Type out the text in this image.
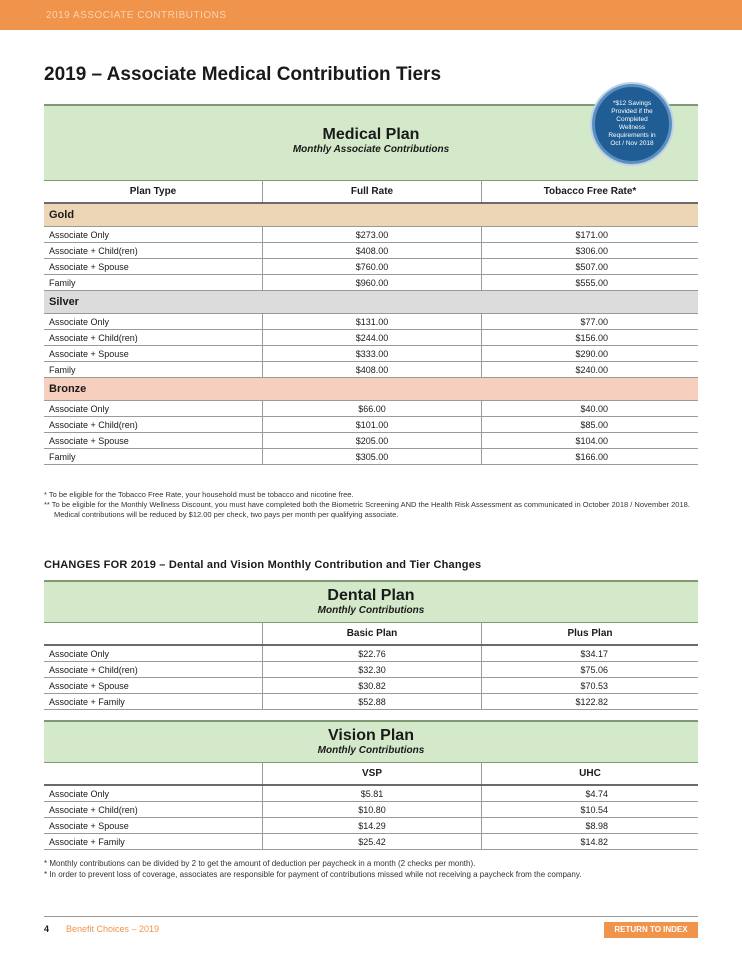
2019 ASSOCIATE CONTRIBUTIONS
2019 – Associate Medical Contribution Tiers
Medical Plan
Monthly Associate Contributions
*$12 Savings Provided if the Completed Wellness Requirements in Oct / Nov 2018
Plan Type	Full Rate	Tobacco Free Rate*
Gold		
Associate Only	$273.00	$171.00
Associate + Child(ren)	$408.00	$306.00
Associate + Spouse	$760.00	$507.00
Family	$960.00	$555.00
Silver		
Associate Only	$131.00	$77.00
Associate + Child(ren)	$244.00	$156.00
Associate + Spouse	$333.00	$290.00
Family	$408.00	$240.00
Bronze		
Associate Only	$66.00	$40.00
Associate + Child(ren)	$101.00	$85.00
Associate + Spouse	$205.00	$104.00
Family	$305.00	$166.00

* To be eligible for the Tobacco Free Rate, your household must be tobacco and nicotine free.

** To be eligible for the Monthly Wellness Discount, you must have completed both the Biometric Screening AND the Health Risk Assessment as communicated in October 2018 / November 2018. Medical contributions will be reduced by $12.00 per check, two pays per month per qualifying associate.

CHANGES FOR 2019 – Dental and Vision Monthly Contribution and Tier Changes
Dental Plan
Monthly Contributions
	Basic Plan	Plus Plan
Associate Only	$22.76	$34.17
Associate + Child(ren)	$32.30	$75.06
Associate + Spouse	$30.82	$70.53
Associate + Family	$52.88	$122.82
Vision Plan
Monthly Contributions
	VSP	UHC
Associate Only	$5.81	$4.74
Associate + Child(ren)	$10.80	$10.54
Associate + Spouse	$14.29	$8.98
Associate + Family	$25.42	$14.82

* Monthly contributions can be divided by 2 to get the amount of deduction per paycheck in a month (2 checks per month).

* In order to prevent loss of coverage, associates are responsible for payment of contributions missed while not receiving a paycheck from the company.

4 Benefit Choices – 2019	RETURN TO INDEX
